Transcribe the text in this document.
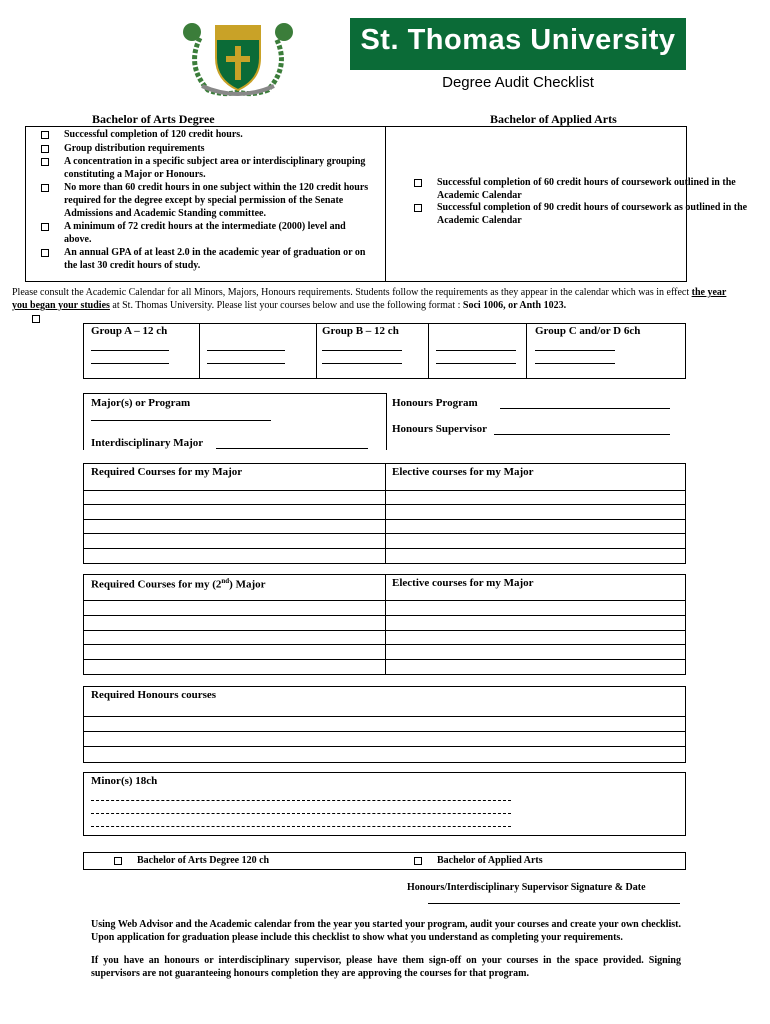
St. Thomas University
Degree Audit Checklist
Bachelor of Arts Degree	Bachelor of Applied Arts
Successful completion of 120 credit hours.
Group distribution requirements
A concentration in a specific subject area or interdisciplinary grouping constituting a Major or Honours.
No more than 60 credit hours in one subject within the 120 credit hours required for the degree except by special permission of the Senate Admissions and Academic Standing committee.
A minimum of 72 credit hours at the intermediate (2000) level and above.
An annual GPA of at least 2.0 in the academic year of graduation or on the last 30 credit hours of study.
Successful completion of 60 credit hours of coursework outlined in the Academic Calendar
Successful completion of 90 credit hours of coursework as outlined in the Academic Calendar
Please consult the Academic Calendar for all Minors, Majors, Honours requirements. Students follow the requirements as they appear in the calendar which was in effect the year you began your studies at St. Thomas University. Please list your courses below and use the following format : Soci 1006, or Anth 1023.
Group A – 12 ch	Group B – 12 ch	Group C and/or D 6ch
Major(s) or Program
Interdisciplinary Major
Honours Program
Honours Supervisor
Required Courses for my Major	Elective courses for my Major
Required Courses for my (2nd) Major	Elective courses for my Major
Required Honours courses
Minor(s) 18ch
Bachelor of Arts Degree 120 ch	Bachelor of Applied Arts
Honours/Interdisciplinary Supervisor Signature & Date
Using Web Advisor and the Academic calendar from the year you started your program, audit your courses and create your own checklist. Upon application for graduation please include this checklist to show what you understand as completing your requirements.
If you have an honours or interdisciplinary supervisor, please have them sign-off on your courses in the space provided. Signing supervisors are not guaranteeing honours completion they are approving the courses for that program.
